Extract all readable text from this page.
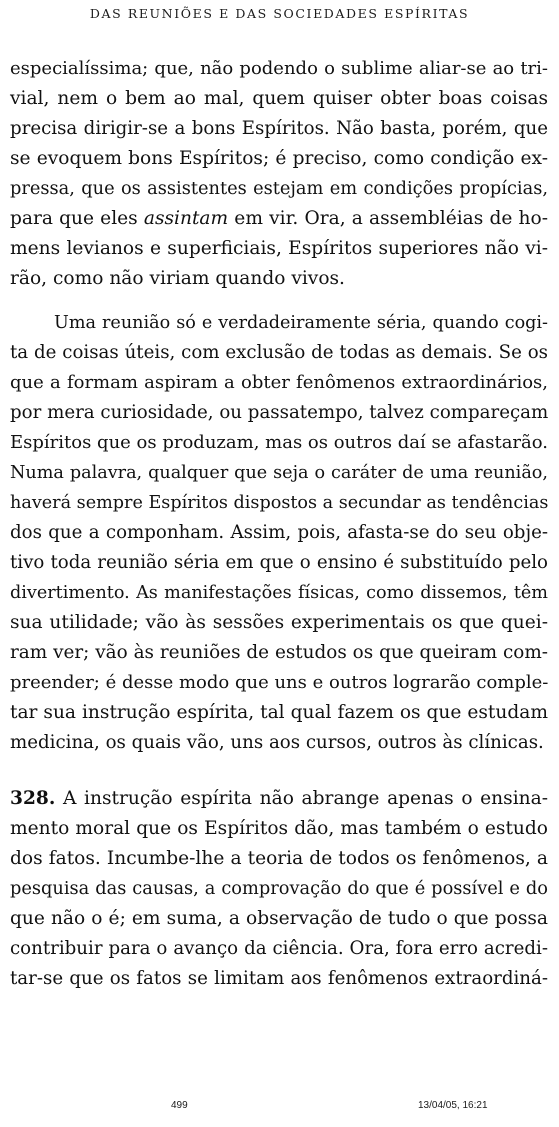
DAS REUNIÕES E DAS SOCIEDADES ESPÍRITAS
especialíssima; que, não podendo o sublime aliar-se ao tri-
vial, nem o bem ao mal, quem quiser obter boas coisas
precisa dirigir-se a bons Espíritos. Não basta, porém, que
se evoquem bons Espíritos; é preciso, como condição ex-
pressa, que os assistentes estejam em condições propícias,
para que eles assintam em vir. Ora, a assembléias de ho-
mens levianos e superficiais, Espíritos superiores não vi-
rão, como não viriam quando vivos.
Uma reunião só e verdadeiramente séria, quando cogi-
ta de coisas úteis, com exclusão de todas as demais. Se os
que a formam aspiram a obter fenômenos extraordinários,
por mera curiosidade, ou passatempo, talvez compareçam
Espíritos que os produzam, mas os outros daí se afastarão.
Numa palavra, qualquer que seja o caráter de uma reunião,
haverá sempre Espíritos dispostos a secundar as tendências
dos que a componham. Assim, pois, afasta-se do seu obje-
tivo toda reunião séria em que o ensino é substituído pelo
divertimento. As manifestações físicas, como dissemos, têm
sua utilidade; vão às sessões experimentais os que quei-
ram ver; vão às reuniões de estudos os que queiram com-
preender; é desse modo que uns e outros lograrão comple-
tar sua instrução espírita, tal qual fazem os que estudam
medicina, os quais vão, uns aos cursos, outros às clínicas.
328. A instrução espírita não abrange apenas o ensina-
mento moral que os Espíritos dão, mas também o estudo
dos fatos. Incumbe-lhe a teoria de todos os fenômenos, a
pesquisa das causas, a comprovação do que é possível e do
que não o é; em suma, a observação de tudo o que possa
contribuir para o avanço da ciência. Ora, fora erro acredi-
tar-se que os fatos se limitam aos fenômenos extraordiná-
499	13/04/05, 16:21
